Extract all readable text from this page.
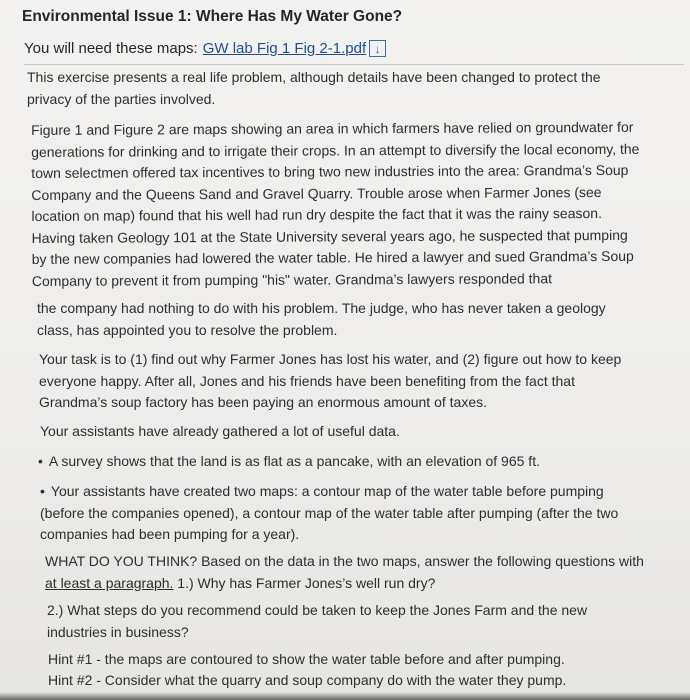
Environmental Issue 1: Where Has My Water Gone?
You will need these maps: GW lab Fig 1 Fig 2-1.pdf ↓

This exercise presents a real life problem, although details have been changed to protect the privacy of the parties involved.

Figure 1 and Figure 2 are maps showing an area in which farmers have relied on groundwater for generations for drinking and to irrigate their crops. In an attempt to diversify the local economy, the town selectmen offered tax incentives to bring two new industries into the area: Grandma’s Soup Company and the Queens Sand and Gravel Quarry. Trouble arose when Farmer Jones (see location on map) found that his well had run dry despite the fact that it was the rainy season. Having taken Geology 101 at the State University several years ago, he suspected that pumping by the new companies had lowered the water table. He hired a lawyer and sued Grandma’s Soup Company to prevent it from pumping "his" water. Grandma’s lawyers responded that

the company had nothing to do with his problem. The judge, who has never taken a geology class, has appointed you to resolve the problem.

Your task is to (1) find out why Farmer Jones has lost his water, and (2) figure out how to keep everyone happy. After all, Jones and his friends have been benefiting from the fact that Grandma’s soup factory has been paying an enormous amount of taxes.

Your assistants have already gathered a lot of useful data.

• A survey shows that the land is as flat as a pancake, with an elevation of 965 ft.

• Your assistants have created two maps: a contour map of the water table before pumping (before the companies opened), a contour map of the water table after pumping (after the two companies had been pumping for a year).

WHAT DO YOU THINK? Based on the data in the two maps, answer the following questions with at least a paragraph. 1.) Why has Farmer Jones’s well run dry?

2.) What steps do you recommend could be taken to keep the Jones Farm and the new industries in business?

Hint #1 - the maps are contoured to show the water table before and after pumping.

Hint #2 - Consider what the quarry and soup company do with the water they pump.
